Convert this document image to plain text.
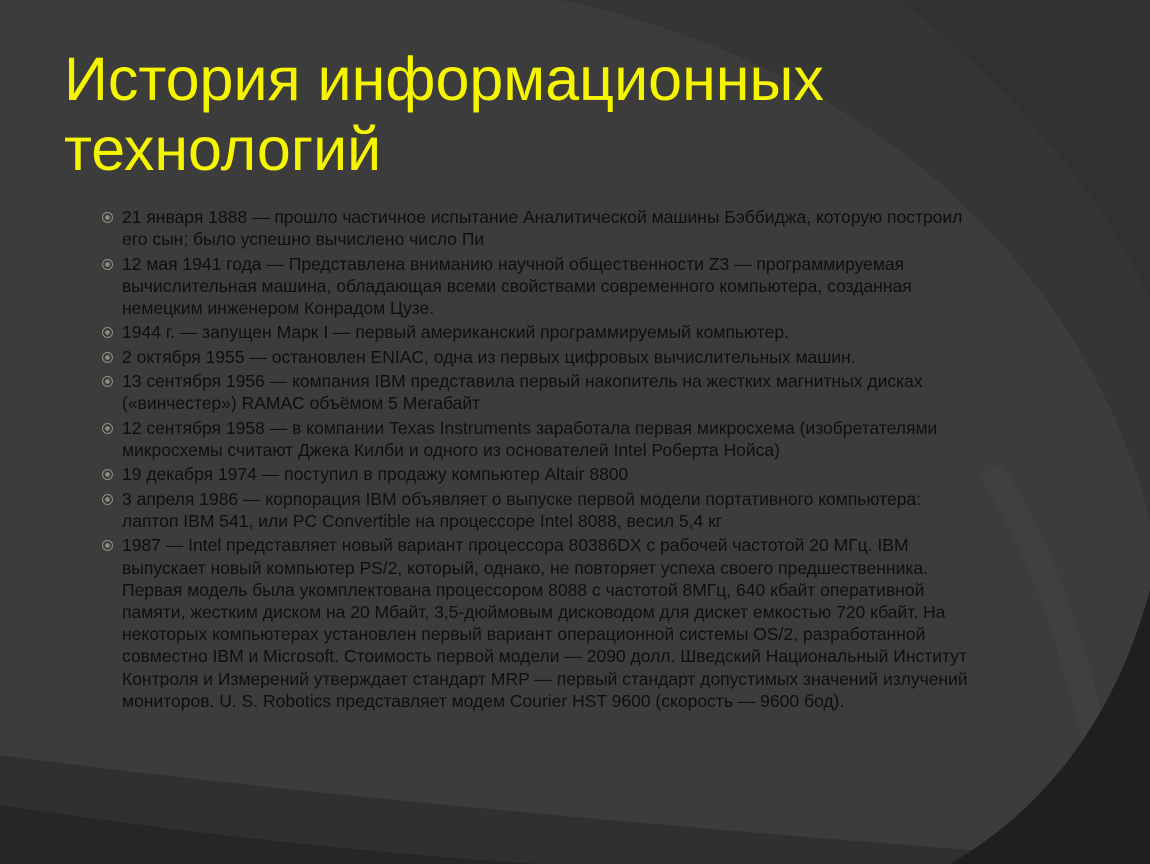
История информационных технологий
21 января 1888 — прошло частичное испытание Аналитической машины Бэббиджа, которую построил
его сын; было успешно вычислено число Пи
12 мая 1941 года — Представлена вниманию научной общественности Z3 — программируемая
вычислительная машина, обладающая всеми свойствами современного компьютера, созданная
немецким инженером Конрадом Цузе.
1944 г. — запущен Марк I — первый американский программируемый компьютер.
2 октября 1955 — остановлен ENIAC, одна из первых цифровых вычислительных машин.
13 сентября 1956 — компания IBM представила первый накопитель на жестких магнитных дисках
(«винчестер») RAMAC объёмом 5 Мегабайт
12 сентября 1958 — в компании Texas Instruments заработала первая микросхема (изобретателями
микросхемы считают Джека Килби и одного из основателей Intel Роберта Нойса)
19 декабря 1974 — поступил в продажу компьютер Altair 8800
3 апреля 1986 — корпорация IBM объявляет о выпуске первой модели портативного компьютера:
лаптоп IBM 541, или PC Convertible на процессоре Intel 8088, весил 5,4 кг
1987 — Intel представляет новый вариант процессора 80386DX с рабочей частотой 20 МГц. IBM
выпускает новый компьютер PS/2, который, однако, не повторяет успеха своего предшественника.
Первая модель была укомплектована процессором 8088 с частотой 8МГц, 640 кбайт оперативной
памяти, жестким диском на 20 Мбайт, 3,5-дюймовым дисководом для дискет емкостью 720 кбайт. На
некоторых компьютерах установлен первый вариант операционной системы OS/2, разработанной
совместно IBM и Microsoft. Стоимость первой модели — 2090 долл. Шведский Национальный Институт
Контроля и Измерений утверждает стандарт MRP — первый стандарт допустимых значений излучений
мониторов. U. S. Robotics представляет модем Courier HST 9600 (скорость — 9600 бод).
